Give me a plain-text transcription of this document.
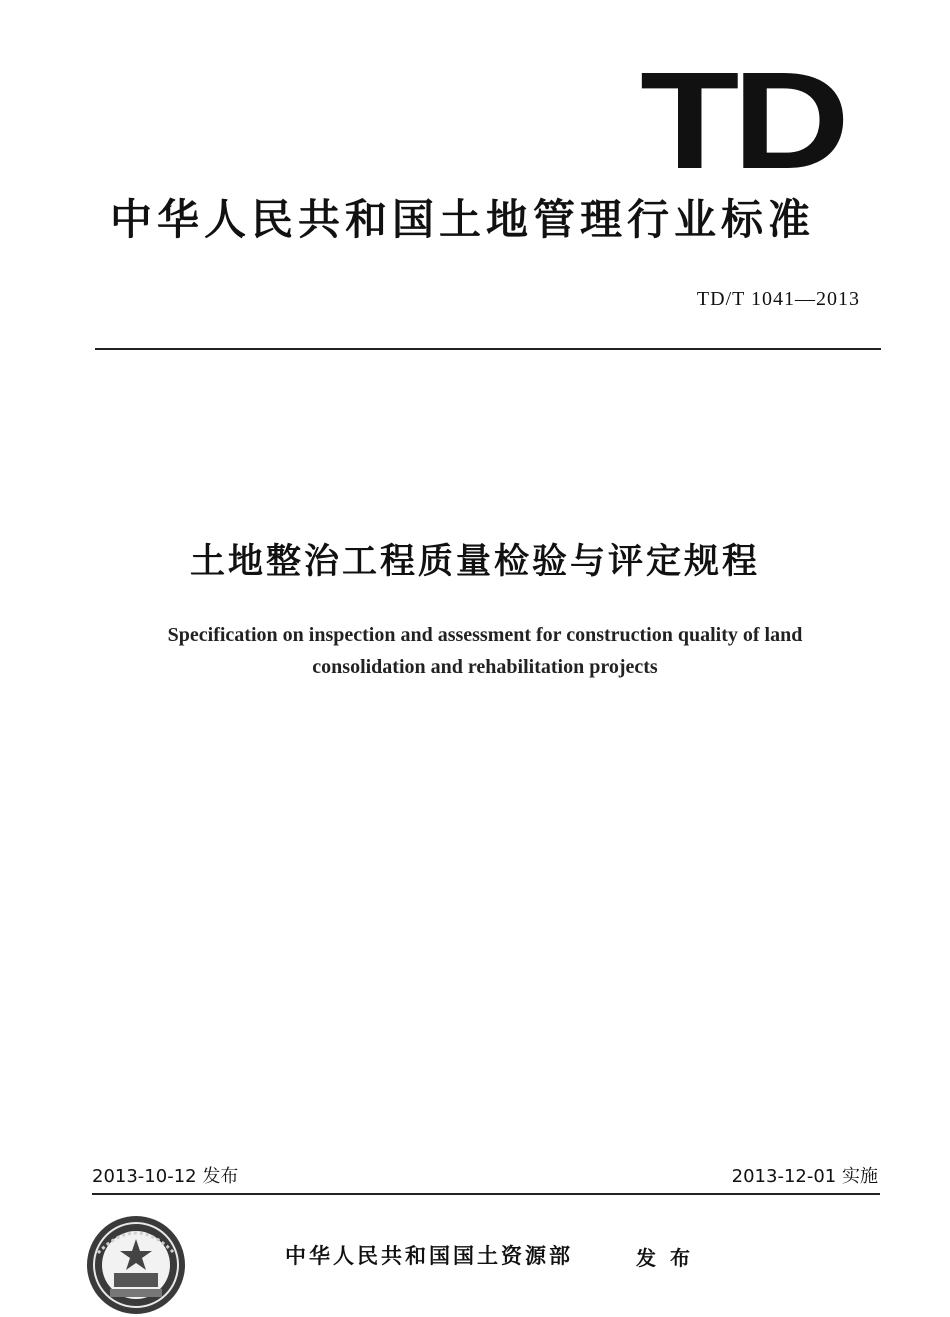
TD
中华人民共和国土地管理行业标准
TD/T 1041—2013
土地整治工程质量检验与评定规程
Specification on inspection and assessment for construction quality of land
consolidation and rehabilitation projects
2013-10-12 发布	2013-12-01 实施
中华人民共和国国土资源部	发布
